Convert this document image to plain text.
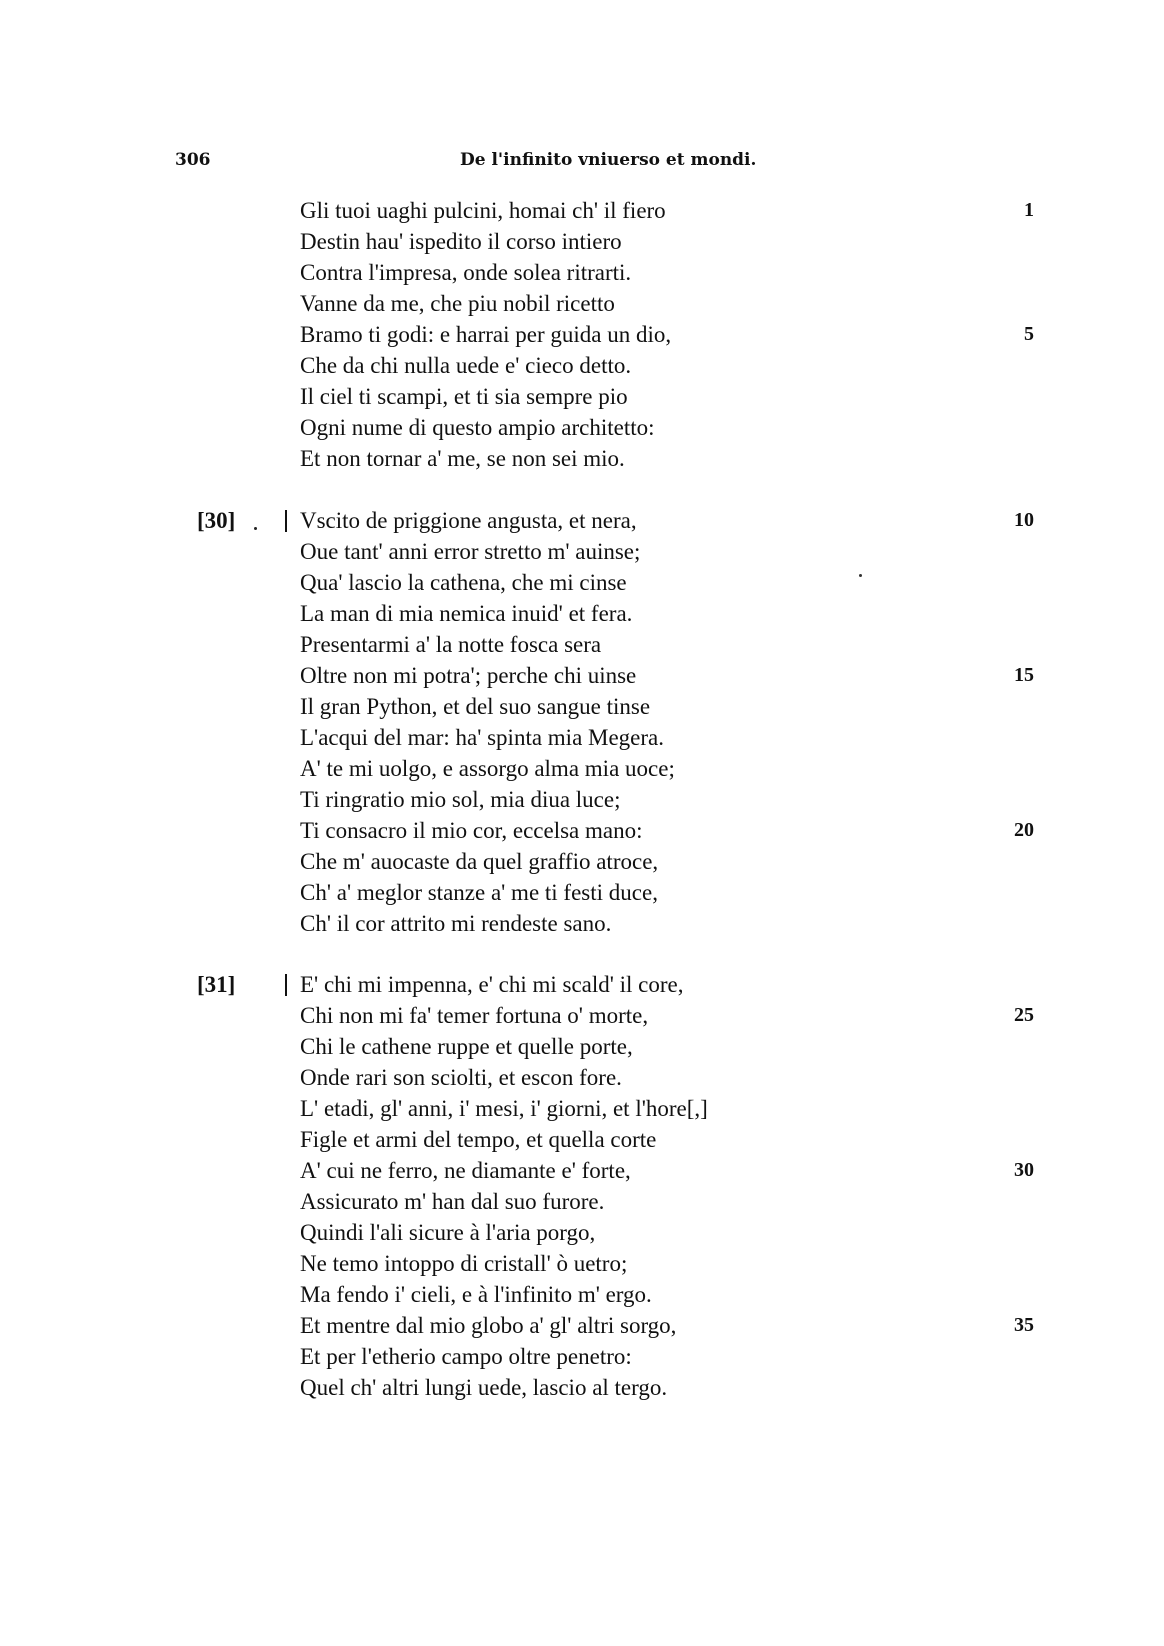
306	De l'infinito vniuerso et mondi.
Gli tuoi uaghi pulcini, homai ch' il fiero	1
Destin hau' ispedito il corso intiero
Contra l'impresa, onde solea ritrarti.
Vanne da me, che piu nobil ricetto
Bramo ti godi: e harrai per guida un dio,	5
Che da chi nulla uede e' cieco detto.
Il ciel ti scampi, et ti sia sempre pio
Ogni nume di questo ampio architetto:
Et non tornar a' me, se non sei mio.
[30]	Vscito de priggione angusta, et nera,	10
Oue tant' anni error stretto m' auinse;
Qua' lascio la cathena, che mi cinse
La man di mia nemica inuid' et fera.
Presentarmi a' la notte fosca sera
Oltre non mi potra'; perche chi uinse	15
Il gran Python, et del suo sangue tinse
L'acqui del mar: ha' spinta mia Megera.
A' te mi uolgo, e assorgo alma mia uoce;
Ti ringratio mio sol, mia diua luce;
Ti consacro il mio cor, eccelsa mano:	20
Che m' auocaste da quel graffio atroce,
Ch' a' meglor stanze a' me ti festi duce,
Ch' il cor attrito mi rendeste sano.
[31]	E' chi mi impenna, e' chi mi scald' il core,
Chi non mi fa' temer fortuna o' morte,	25
Chi le cathene ruppe et quelle porte,
Onde rari son sciolti, et escon fore.
L' etadi, gl' anni, i' mesi, i' giorni, et l'hore[,]
Figle et armi del tempo, et quella corte
A' cui ne ferro, ne diamante e' forte,	30
Assicurato m' han dal suo furore.
Quindi l'ali sicure à l'aria porgo,
Ne temo intoppo di cristall' ò uetro;
Ma fendo i' cieli, e à l'infinito m' ergo.
Et mentre dal mio globo a' gl' altri sorgo,	35
Et per l'etherio campo oltre penetro:
Quel ch' altri lungi uede, lascio al tergo.
